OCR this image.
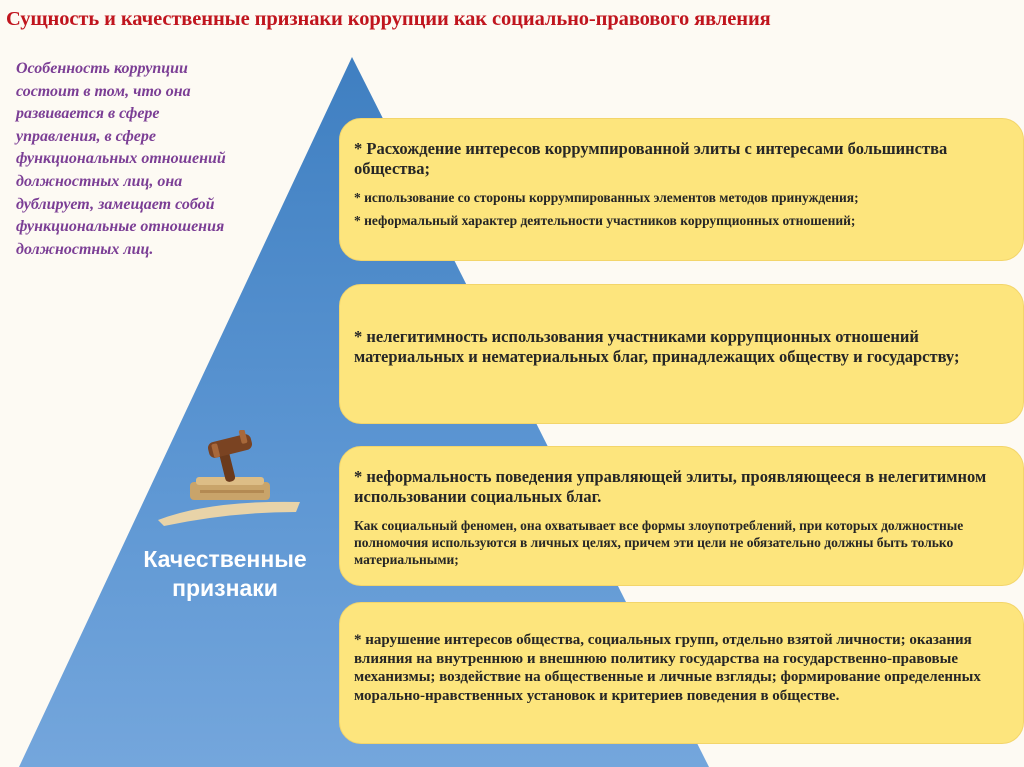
Сущность и качественные признаки коррупции как социально-правового явления

Особенность коррупции состоит в том, что она развивается в сфере управления, в сфере функциональных отношений должностных лиц, она дублирует, замещает собой функциональные отношения должностных лиц.

Качественные
признаки

* Расхождение интересов коррумпированной элиты с интересами большинства общества;

* использование со стороны коррумпированных элементов методов принуждения;

* неформальный характер деятельности участников коррупционных отношений;

* нелегитимность использования участниками коррупционных отношений материальных и нематериальных благ, принадлежащих обществу и государству;

* неформальность поведения управляющей элиты, проявляющееся в нелегитимном использовании социальных благ.

Как социальный феномен, она охватывает все формы злоупотреблений, при которых должностные полномочия используются в личных целях, причем эти цели не обязательно должны быть только материальными;

* нарушение интересов общества, социальных групп, отдельно взятой личности; оказания влияния на внутреннюю и внешнюю политику государства на государственно-правовые механизмы; воздействие на общественные и личные взгляды; формирование определенных морально-нравственных установок и критериев поведения в обществе.
